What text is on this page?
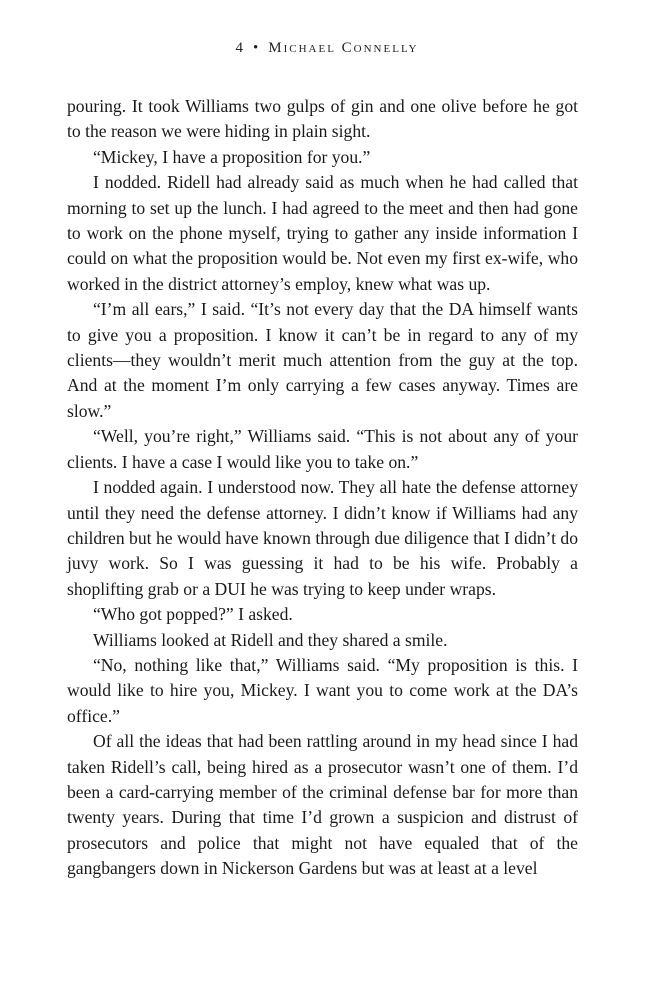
4 • Michael Connelly

pouring. It took Williams two gulps of gin and one olive before he got to the reason we were hiding in plain sight.

“Mickey, I have a proposition for you.”

I nodded. Ridell had already said as much when he had called that morning to set up the lunch. I had agreed to the meet and then had gone to work on the phone myself, trying to gather any inside information I could on what the proposition would be. Not even my first ex-wife, who worked in the district attorney’s employ, knew what was up.

“I’m all ears,” I said. “It’s not every day that the DA himself wants to give you a proposition. I know it can’t be in regard to any of my clients—they wouldn’t merit much attention from the guy at the top. And at the moment I’m only carrying a few cases anyway. Times are slow.”

“Well, you’re right,” Williams said. “This is not about any of your clients. I have a case I would like you to take on.”

I nodded again. I understood now. They all hate the defense attorney until they need the defense attorney. I didn’t know if Williams had any children but he would have known through due diligence that I didn’t do juvy work. So I was guessing it had to be his wife. Probably a shoplifting grab or a DUI he was trying to keep under wraps.

“Who got popped?” I asked.

Williams looked at Ridell and they shared a smile.

“No, nothing like that,” Williams said. “My proposition is this. I would like to hire you, Mickey. I want you to come work at the DA’s office.”

Of all the ideas that had been rattling around in my head since I had taken Ridell’s call, being hired as a prosecutor wasn’t one of them. I’d been a card-carrying member of the criminal defense bar for more than twenty years. During that time I’d grown a suspicion and distrust of prosecutors and police that might not have equaled that of the gangbangers down in Nickerson Gardens but was at least at a level
